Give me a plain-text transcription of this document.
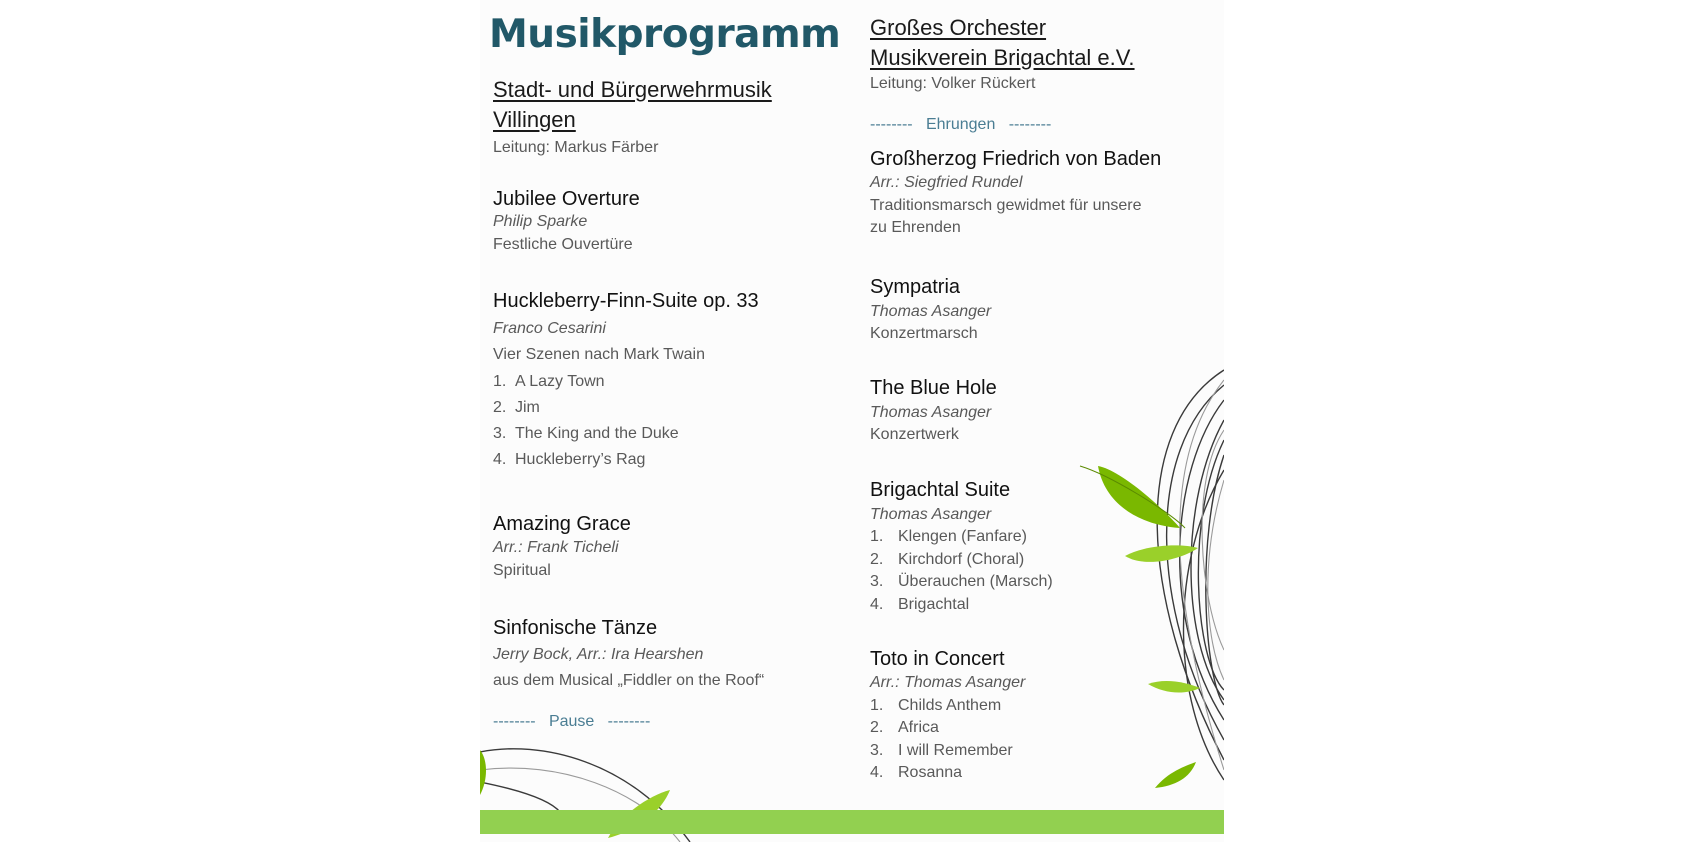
Musikprogramm
Stadt- und Bürgerwehrmusik
Villingen
Leitung: Markus Färber
Jubilee Overture
Philip Sparke
Festliche Ouvertüre
Huckleberry-Finn-Suite op. 33
Franco Cesarini
Vier Szenen nach Mark Twain
1. A Lazy Town
2. Jim
3. The King and the Duke
4. Huckleberry’s Rag
Amazing Grace
Arr.: Frank Ticheli
Spiritual
Sinfonische Tänze
Jerry Bock, Arr.: Ira Hearshen
aus dem Musical „Fiddler on the Roof“
--------   Pause   --------
Großes Orchester
Musikverein Brigachtal e.V.
Leitung: Volker Rückert
--------   Ehrungen   --------
Großherzog Friedrich von Baden
Arr.: Siegfried Rundel
Traditionsmarsch gewidmet für unsere
zu Ehrenden
Sympatria
Thomas Asanger
Konzertmarsch
The Blue Hole
Thomas Asanger
Konzertwerk
Brigachtal Suite
Thomas Asanger
1. Klengen (Fanfare)
2. Kirchdorf (Choral)
3. Überauchen (Marsch)
4. Brigachtal
Toto in Concert
Arr.: Thomas Asanger
1. Childs Anthem
2. Africa
3. I will Remember
4. Rosanna
